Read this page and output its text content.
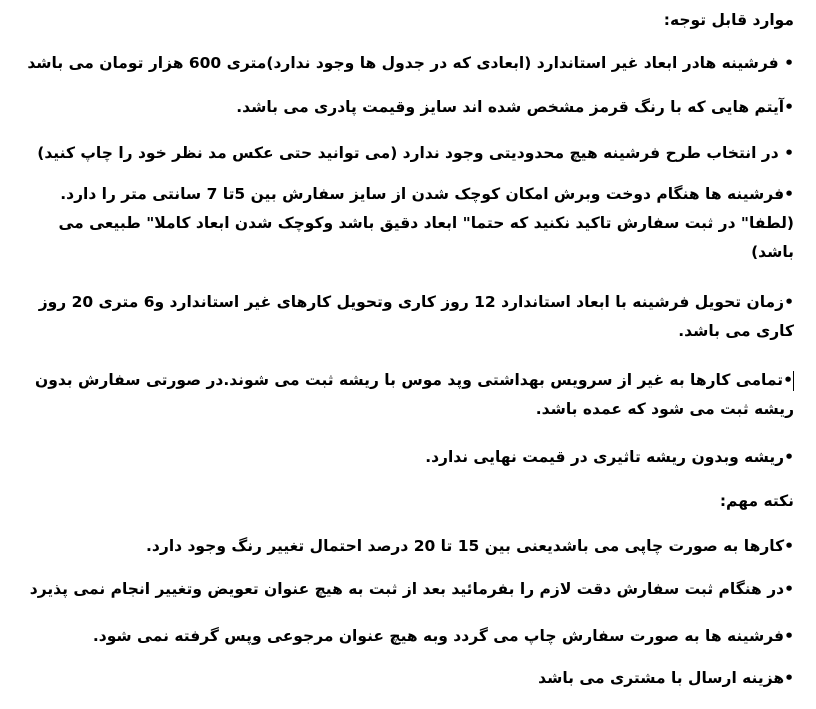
موارد قابل توجه:
• فرشینه هادر ابعاد غیر استاندارد (ابعادی که در جدول ها وجود ندارد)متری 600 هزار تومان می باشد
•آیتم هایی که با رنگ قرمز مشخص شده اند سایز وقیمت پادری می باشد.
• در انتخاب طرح فرشینه هیچ محدودیتی وجود ندارد (می توانید حتی عکس مد نظر خود را چاپ کنید)
•فرشینه ها هنگام دوخت وبرش امکان کوچک شدن از سایز سفارش بین 5تا 7 سانتی متر را دارد.(لطفا" در ثبت سفارش تاکید نکنید که حتما" ابعاد دقیق باشد وکوچک شدن ابعاد کاملا" طبیعی می باشد)
•زمان تحویل فرشینه با ابعاد استاندارد 12 روز کاری وتحویل کارهای غیر استاندارد و6 متری 20 روز کاری می باشد.
•تمامی کارها به غیر از سرویس بهداشتی وپد موس با ریشه ثبت می شوند.در صورتی سفارش بدون ریشه ثبت می شود که عمده باشد.
•ریشه وبدون ریشه تاثیری در قیمت نهایی ندارد.
نکته مهم:
•کارها به صورت چاپی می باشدیعنی بین 15 تا 20 درصد احتمال تغییر رنگ وجود دارد.
•در هنگام ثبت سفارش دقت لازم را بفرمائید بعد از ثبت به هیچ عنوان تعویض وتغییر انجام نمی پذیرد
•فرشینه ها به صورت سفارش چاپ می گردد وبه هیچ عنوان مرجوعی وپس گرفته نمی شود.
•هزینه ارسال با مشتری می باشد
